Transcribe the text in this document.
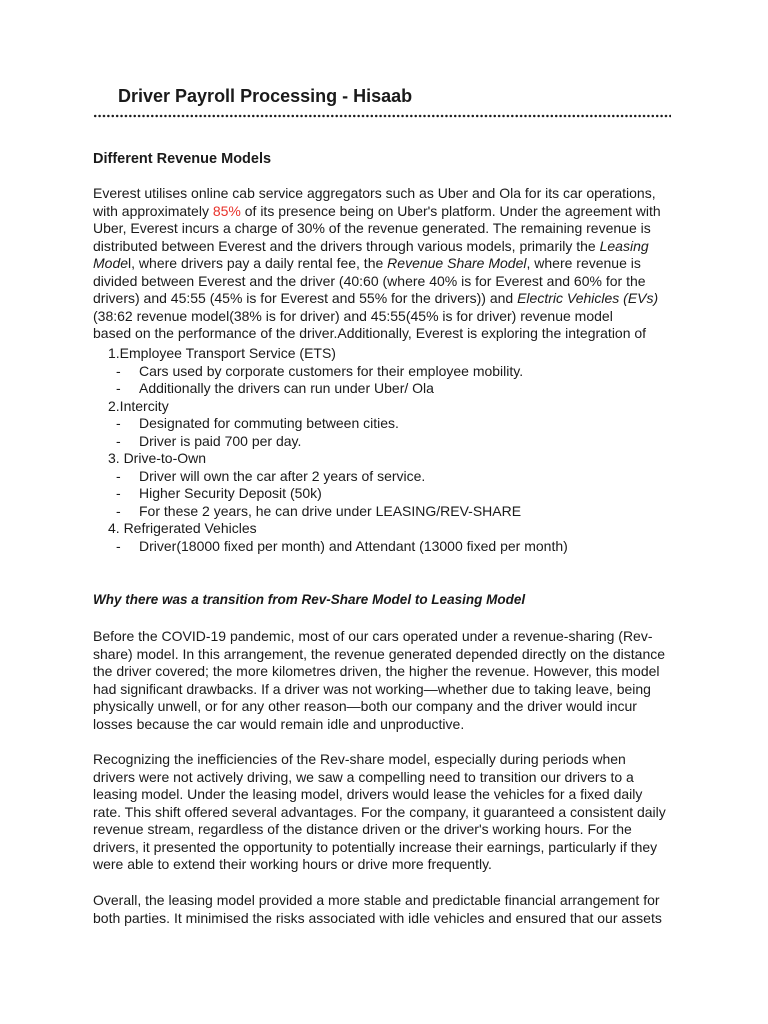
Driver Payroll Processing - Hisaab
Different Revenue Models
Everest utilises online cab service aggregators such as Uber and Ola for its car operations,
with approximately 85% of its presence being on Uber's platform. Under the agreement with
Uber, Everest incurs a charge of 30% of the revenue generated. The remaining revenue is
distributed between Everest and the drivers through various models, primarily the Leasing
Model, where drivers pay a daily rental fee, the Revenue Share Model, where revenue is
divided between Everest and the driver (40:60 (where 40% is for Everest and 60% for the
drivers) and 45:55 (45% is for Everest and 55% for the drivers)) and Electric Vehicles (EVs)
(38:62 revenue model(38% is for driver) and 45:55(45% is for driver) revenue model
based on the performance of the driver.Additionally, Everest is exploring the integration of
1.Employee Transport Service (ETS)
- Cars used by corporate customers for their employee mobility.
- Additionally the drivers can run under Uber/ Ola
2.Intercity
- Designated for commuting between cities.
- Driver is paid 700 per day.
3. Drive-to-Own
- Driver will own the car after 2 years of service.
- Higher Security Deposit (50k)
- For these 2 years, he can drive under LEASING/REV-SHARE
4. Refrigerated Vehicles
- Driver(18000 fixed per month) and Attendant (13000 fixed per month)
Why there was a transition from Rev-Share Model to Leasing Model
Before the COVID-19 pandemic, most of our cars operated under a revenue-sharing (Rev-
share) model. In this arrangement, the revenue generated depended directly on the distance
the driver covered; the more kilometres driven, the higher the revenue. However, this model
had significant drawbacks. If a driver was not working—whether due to taking leave, being
physically unwell, or for any other reason—both our company and the driver would incur
losses because the car would remain idle and unproductive.
Recognizing the inefficiencies of the Rev-share model, especially during periods when
drivers were not actively driving, we saw a compelling need to transition our drivers to a
leasing model. Under the leasing model, drivers would lease the vehicles for a fixed daily
rate. This shift offered several advantages. For the company, it guaranteed a consistent daily
revenue stream, regardless of the distance driven or the driver's working hours. For the
drivers, it presented the opportunity to potentially increase their earnings, particularly if they
were able to extend their working hours or drive more frequently.
Overall, the leasing model provided a more stable and predictable financial arrangement for
both parties. It minimised the risks associated with idle vehicles and ensured that our assets
